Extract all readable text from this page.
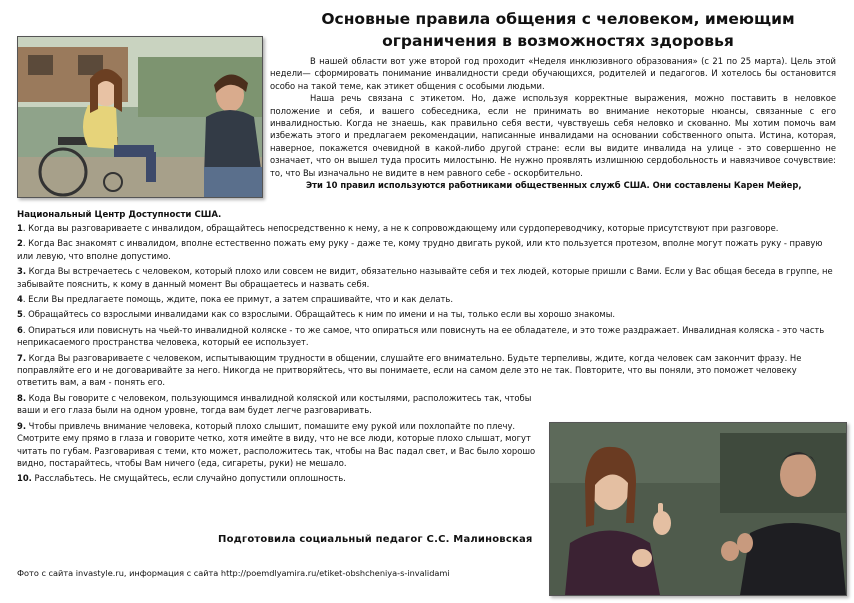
Основные правила общения с человеком, имеющим ограничения в возможностях здоровья

В нашей области вот уже второй год проходит «Неделя инклюзивного образования» (с 21 по 25 марта). Цель этой недели— сформировать понимание инвалидности среди обучающихся, родителей и педагогов. И хотелось бы остановится особо на такой теме, как этикет общения с особыми людьми.

Наша речь связана с этикетом. Но, даже используя корректные выражения, можно поставить в неловкое положение и себя, и вашего собеседника, если не принимать во внимание некоторые нюансы, связанные с его инвалидностью. Когда не знаешь, как правильно себя вести, чувствуешь себя неловко и скованно. Мы хотим помочь вам избежать этого и предлагаем рекомендации, написанные инвалидами на основании собственного опыта. Истина, которая, наверное, покажется очевидной в какой-либо другой стране: если вы видите инвалида на улице - это совершенно не означает, что он вышел туда просить милостыню. Не нужно проявлять излишнюю сердобольность и навязчивое сочувствие: то, что Вы изначально не видите в нем равного себе - оскорбительно.

Эти 10 правил используются работниками общественных служб США. Они составлены Карен Мейер,

Национальный Центр Доступности США.

1. Когда вы разговариваете с инвалидом, обращайтесь непосредственно к нему, а не к сопровождающему или сурдопереводчику, которые присутствуют при разговоре.

2. Когда Вас знакомят с инвалидом, вполне естественно пожать ему руку - даже те, кому трудно двигать рукой, или кто пользуется протезом, вполне могут пожать руку - правую или левую, что вполне допустимо.

3. Когда Вы встречаетесь с человеком, который плохо или совсем не видит, обязательно называйте себя и тех людей, которые пришли с Вами. Если у Вас общая беседа в группе, не забывайте пояснить, к кому в данный момент Вы обращаетесь и назвать себя.

4. Если Вы предлагаете помощь, ждите, пока ее примут, а затем спрашивайте, что и как делать.

5. Обращайтесь со взрослыми инвалидами как со взрослыми. Обращайтесь к ним по имени и на ты, только если вы хорошо знакомы.

6. Опираться или повиснуть на чьей-то инвалидной коляске - то же самое, что опираться или повиснуть на ее обладателе, и это тоже раздражает. Инвалидная коляска - это часть неприкасаемого пространства человека, который ее использует.

7. Когда Вы разговариваете с человеком, испытывающим трудности в общении, слушайте его внимательно. Будьте терпеливы, ждите, когда человек сам закончит фразу. Не поправляйте его и не договаривайте за него. Никогда не притворяйтесь, что вы понимаете, если на самом деле это не так. Повторите, что вы поняли, это поможет человеку ответить вам, а вам - понять его.

8. Кода Вы говорите с человеком, пользующимся инвалидной коляской или костылями, расположитесь так, чтобы ваши и его глаза были на одном уровне, тогда вам будет легче разговаривать.

9. Чтобы привлечь внимание человека, который плохо слышит, помашите ему рукой или похлопайте по плечу. Смотрите ему прямо в глаза и говорите четко, хотя имейте в виду, что не все люди, которые плохо слышат, могут читать по губам. Разговаривая с теми, кто может, расположитесь так, чтобы на Вас падал свет, и Вас было хорошо видно, постарайтесь, чтобы Вам ничего (еда, сигареты, руки) не мешало.

10. Расслабьтесь. Не смущайтесь, если случайно допустили оплошность.

Подготовила социальный педагог С.С. Малиновская
Фото с сайта invastyle.ru, информация с сайта http://poemdlyamira.ru/etiket-obshcheniya-s-invalidami
